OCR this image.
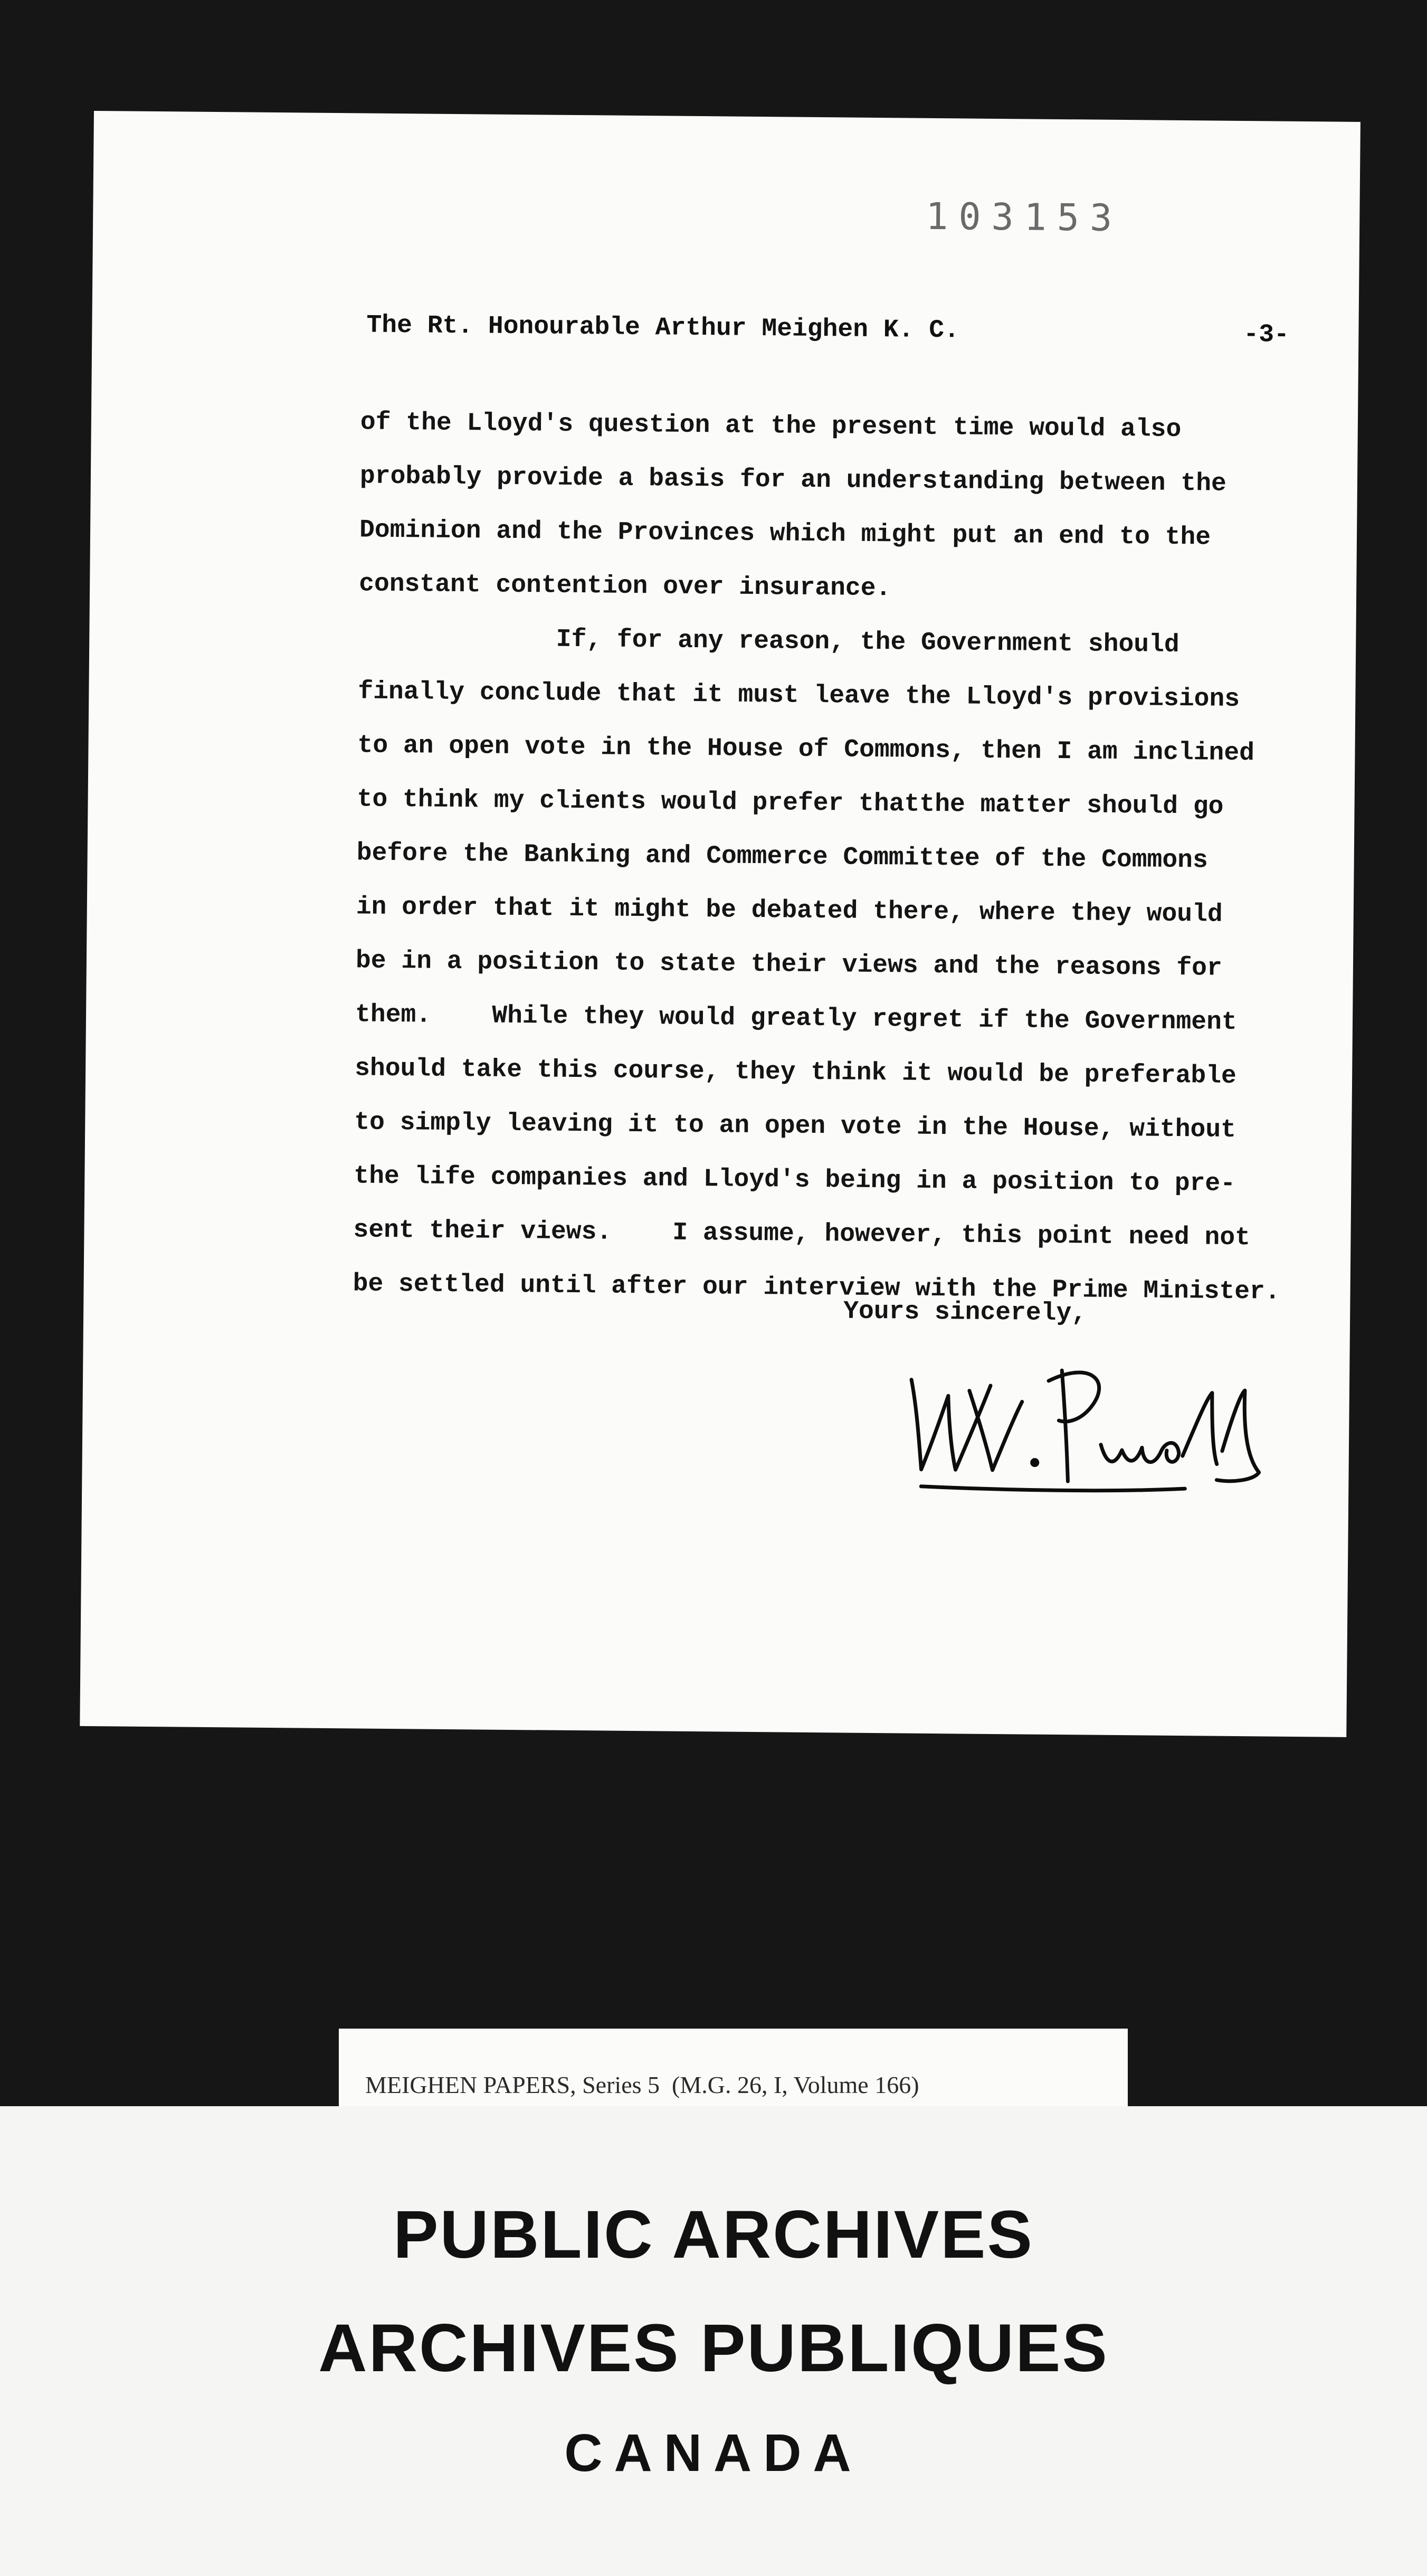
103153
The Rt. Honourable Arthur Meighen K. C.	-3-
of the Lloyd's question at the present time would also
probably provide a basis for an understanding between the
Dominion and the Provinces which might put an end to the
constant contention over insurance.
If, for any reason, the Government should
finally conclude that it must leave the Lloyd's provisions
to an open vote in the House of Commons, then I am inclined
to think my clients would prefer thatthe matter should go
before the Banking and Commerce Committee of the Commons
in order that it might be debated there, where they would
be in a position to state their views and the reasons for
them.    While they would greatly regret if the Government
should take this course, they think it would be preferable
to simply leaving it to an open vote in the House, without
the life companies and Lloyd's being in a position to pre-
sent their views.    I assume, however, this point need not
be settled until after our interview with the Prime Minister.
Yours sincerely,
MEIGHEN PAPERS, Series 5  (M.G. 26, I, Volume 166)
PUBLIC ARCHIVES
ARCHIVES PUBLIQUES
CANADA
